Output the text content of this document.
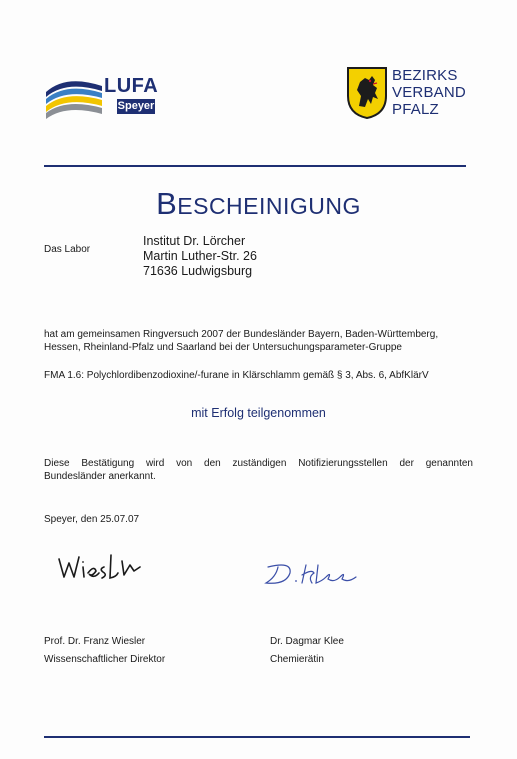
LUFA
Speyer
BEZIRKS
VERBAND
PFALZ
BESCHEINIGUNG
Das Labor
Institut Dr. Lörcher
Martin Luther-Str. 26
71636 Ludwigsburg
hat am gemeinsamen Ringversuch 2007 der Bundesländer Bayern, Baden-Württemberg,
Hessen, Rheinland-Pfalz und Saarland bei der Untersuchungsparameter-Gruppe
FMA 1.6: Polychlordibenzodioxine/-furane in Klärschlamm gemäß § 3, Abs. 6, AbfKlärV
mit Erfolg teilgenommen
Diese Bestätigung wird von den zuständigen Notifizierungsstellen der genannten
Bundesländer anerkannt.
Speyer, den 25.07.07
Prof. Dr. Franz Wiesler
Wissenschaftlicher Direktor
Dr. Dagmar Klee
Chemierätin
